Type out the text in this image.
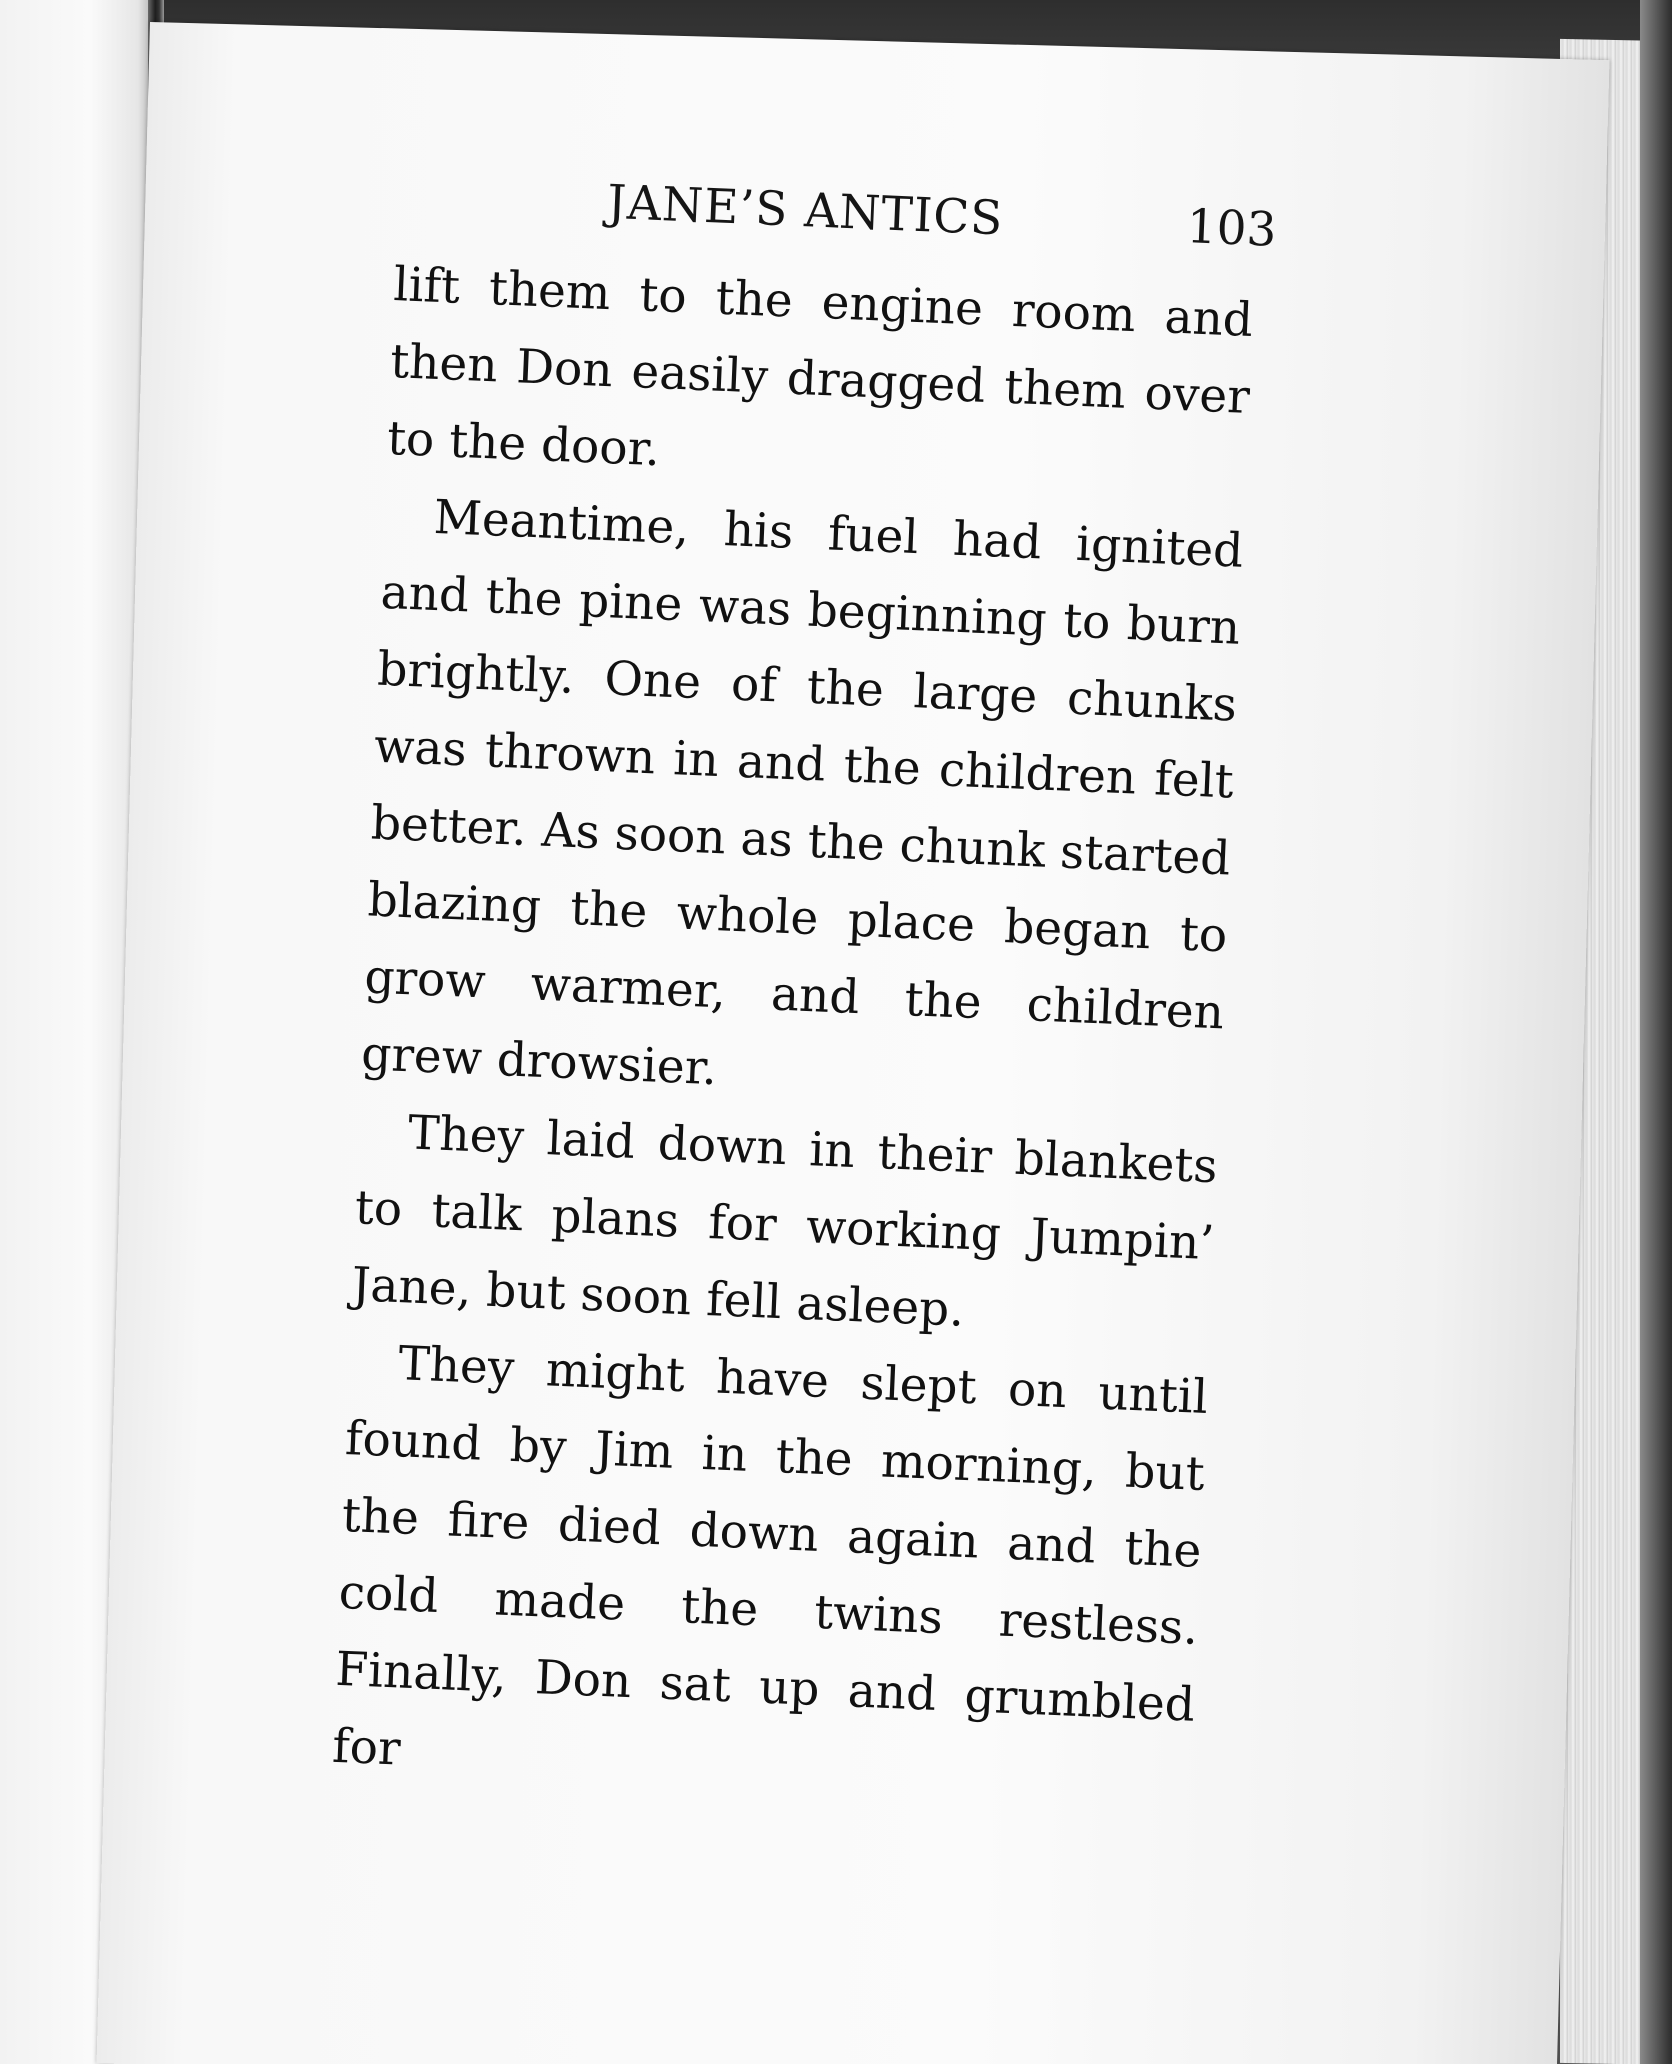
JANE’S ANTICS	103

lift them to the engine room and then Don easily dragged them over to the door.

Meantime, his fuel had ignited and the pine was beginning to burn brightly. One of the large chunks was thrown in and the children felt better. As soon as the chunk started blazing the whole place began to grow warmer, and the children grew drowsier.

They laid down in their blankets to talk plans for working Jumpin’ Jane, but soon fell asleep.

They might have slept on until found by Jim in the morning, but the fire died down again and the cold made the twins restless. Finally, Don sat up and grumbled for
